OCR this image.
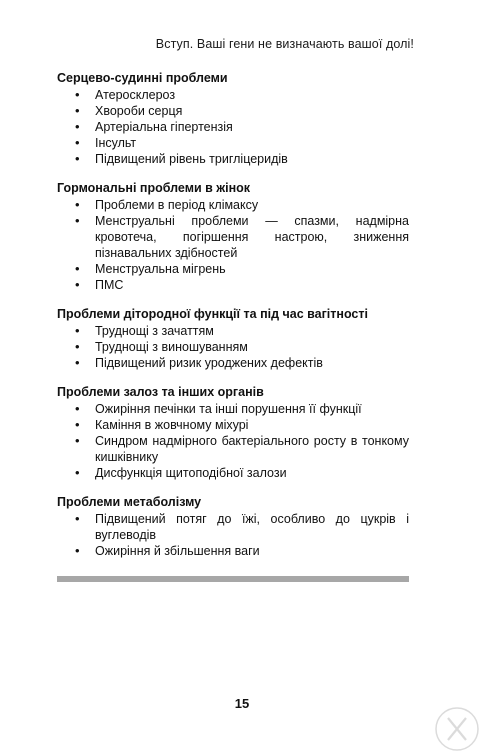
Вступ. Ваші гени не визначають вашої долі!
Серцево-судинні проблеми
• Атеросклероз
• Хвороби серця
• Артеріальна гіпертензія
• Інсульт
• Підвищений рівень тригліцеридів
Гормональні проблеми в жінок
• Проблеми в період клімаксу
• Менструальні проблеми — спазми, надмірна кровотеча, погіршення настрою, зниження пізнавальних здібностей
• Менструальна мігрень
• ПМС
Проблеми дітородної функції та під час вагітності
• Труднощі з зачаттям
• Труднощі з виношуванням
• Підвищений ризик уроджених дефектів
Проблеми залоз та інших органів
• Ожиріння печінки та інші порушення її функції
• Каміння в жовчному міхурі
• Синдром надмірного бактеріального росту в тонкому кишківнику
• Дисфункція щитоподібної залози
Проблеми метаболізму
• Підвищений потяг до їжі, особливо до цукрів і вуглеводів
• Ожиріння й збільшення ваги
15
